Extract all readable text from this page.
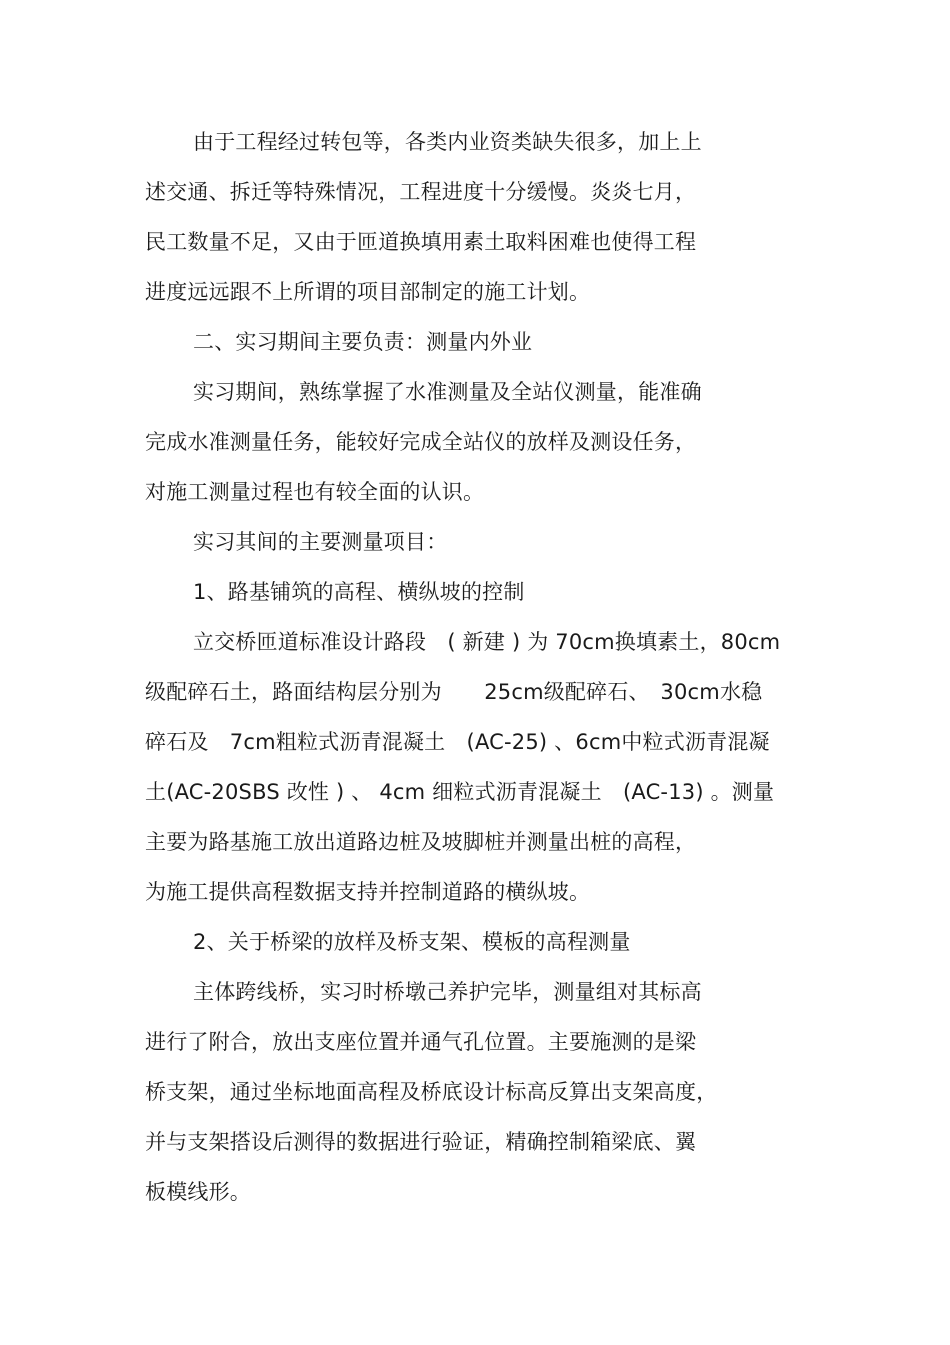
由于工程经过转包等，各类内业资类缺失很多，加上上
述交通、拆迁等特殊情况，工程进度十分缓慢。炎炎七月，
民工数量不足，又由于匝道换填用素土取料困难也使得工程
进度远远跟不上所谓的项目部制定的施工计划。
二、实习期间主要负责：测量内外业
实习期间，熟练掌握了水准测量及全站仪测量，能准确
完成水准测量任务，能较好完成全站仪的放样及测设任务，
对施工测量过程也有较全面的认识。
实习其间的主要测量项目：
1、路基铺筑的高程、横纵坡的控制
立交桥匝道标准设计路段　( 新建 ) 为 70cm换填素土，80cm
级配碎石土，路面结构层分别为　　25cm级配碎石、　30cm水稳
碎石及　7cm粗粒式沥青混凝土　(AC-25) 、6cm中粒式沥青混凝
土(AC-20SBS 改性 ) 、 4cm 细粒式沥青混凝土　(AC-13) 。测量
主要为路基施工放出道路边桩及坡脚桩并测量出桩的高程，
为施工提供高程数据支持并控制道路的横纵坡。
2、关于桥梁的放样及桥支架、模板的高程测量
主体跨线桥，实习时桥墩己养护完毕，测量组对其标高
进行了附合，放出支座位置并通气孔位置。主要施测的是梁
桥支架，通过坐标地面高程及桥底设计标高反算出支架高度，
并与支架搭设后测得的数据进行验证，精确控制箱梁底、翼
板模线形。
